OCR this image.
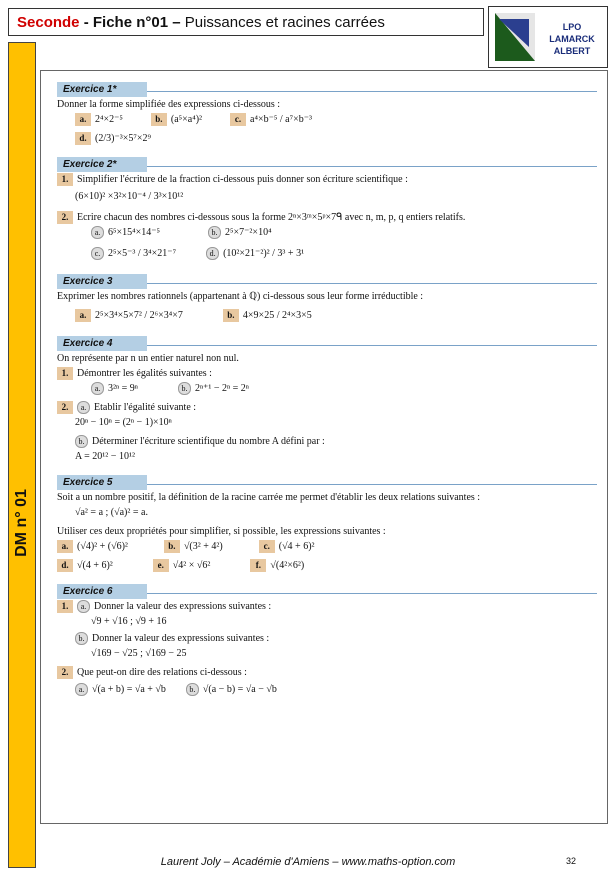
Seconde - Fiche n°01 – Puissances et racines carrées	LPO LAMARCK
ALBERT
DM n° 01
Exercice 1*
Donner la forme simplifiée des expressions ci-dessous :
a. 2⁴×2⁻⁵	b. (a⁵×a⁴)²	c. a⁴×b⁻⁵ / a⁷×b⁻³
d. (2/3)⁻³×5⁷×2⁹
Exercice 2*
1. Simplifier l'écriture de la fraction ci-dessous puis donner son écriture scientifique :
(6×10)² ×3²×10⁻⁴ / 3³×10¹²
2. Ecrire chacun des nombres ci-dessous sous la forme 2ⁿ×3ᵐ×5ᵖ×7ᑫ avec n, m, p, q entiers relatifs.
a. 6⁵×15⁴×14⁻⁵	b. 2⁵×7⁻²×10⁴
c. 2⁵×5⁻³ / 3⁴×21⁻⁷	d. (10²×21⁻²)² / 3³ + 3¹
Exercice 3
Exprimer les nombres rationnels (appartenant à ℚ) ci-dessous sous leur forme irréductible :
a. 2⁵×3⁴×5×7² / 2⁶×3⁴×7	b. 4×9×25 / 2⁴×3×5
Exercice 4
On représente par n un entier naturel non nul.
1. Démontrer les égalités suivantes :
a. 3²ⁿ = 9ⁿ	b. 2ⁿ⁺¹ − 2ⁿ = 2ⁿ
2. a. Etablir l'égalité suivante :
20ⁿ − 10ⁿ = (2ⁿ − 1)×10ⁿ
b. Déterminer l'écriture scientifique du nombre A défini par :
A = 20¹² − 10¹²
Exercice 5
Soit a un nombre positif, la définition de la racine carrée me permet d'établir les deux relations suivantes :
√a² = a ; (√a)² = a.
Utiliser ces deux propriétés pour simplifier, si possible, les expressions suivantes :
a. (√4)² + (√6)²	b. √(3² + 4²)	c. (√4 + 6)²
d. √(4 + 6)²	e. √4² × √6²	f. √(4²×6²)
Exercice 6
1. a. Donner la valeur des expressions suivantes :
√9 + √16 ; √9 + 16
b. Donner la valeur des expressions suivantes :
√169 − √25 ; √169 − 25
2. Que peut-on dire des relations ci-dessous :
a. √(a + b) = √a + √b	b. √(a − b) = √a − √b
Laurent Joly – Académie d'Amiens – www.maths-option.com	32
